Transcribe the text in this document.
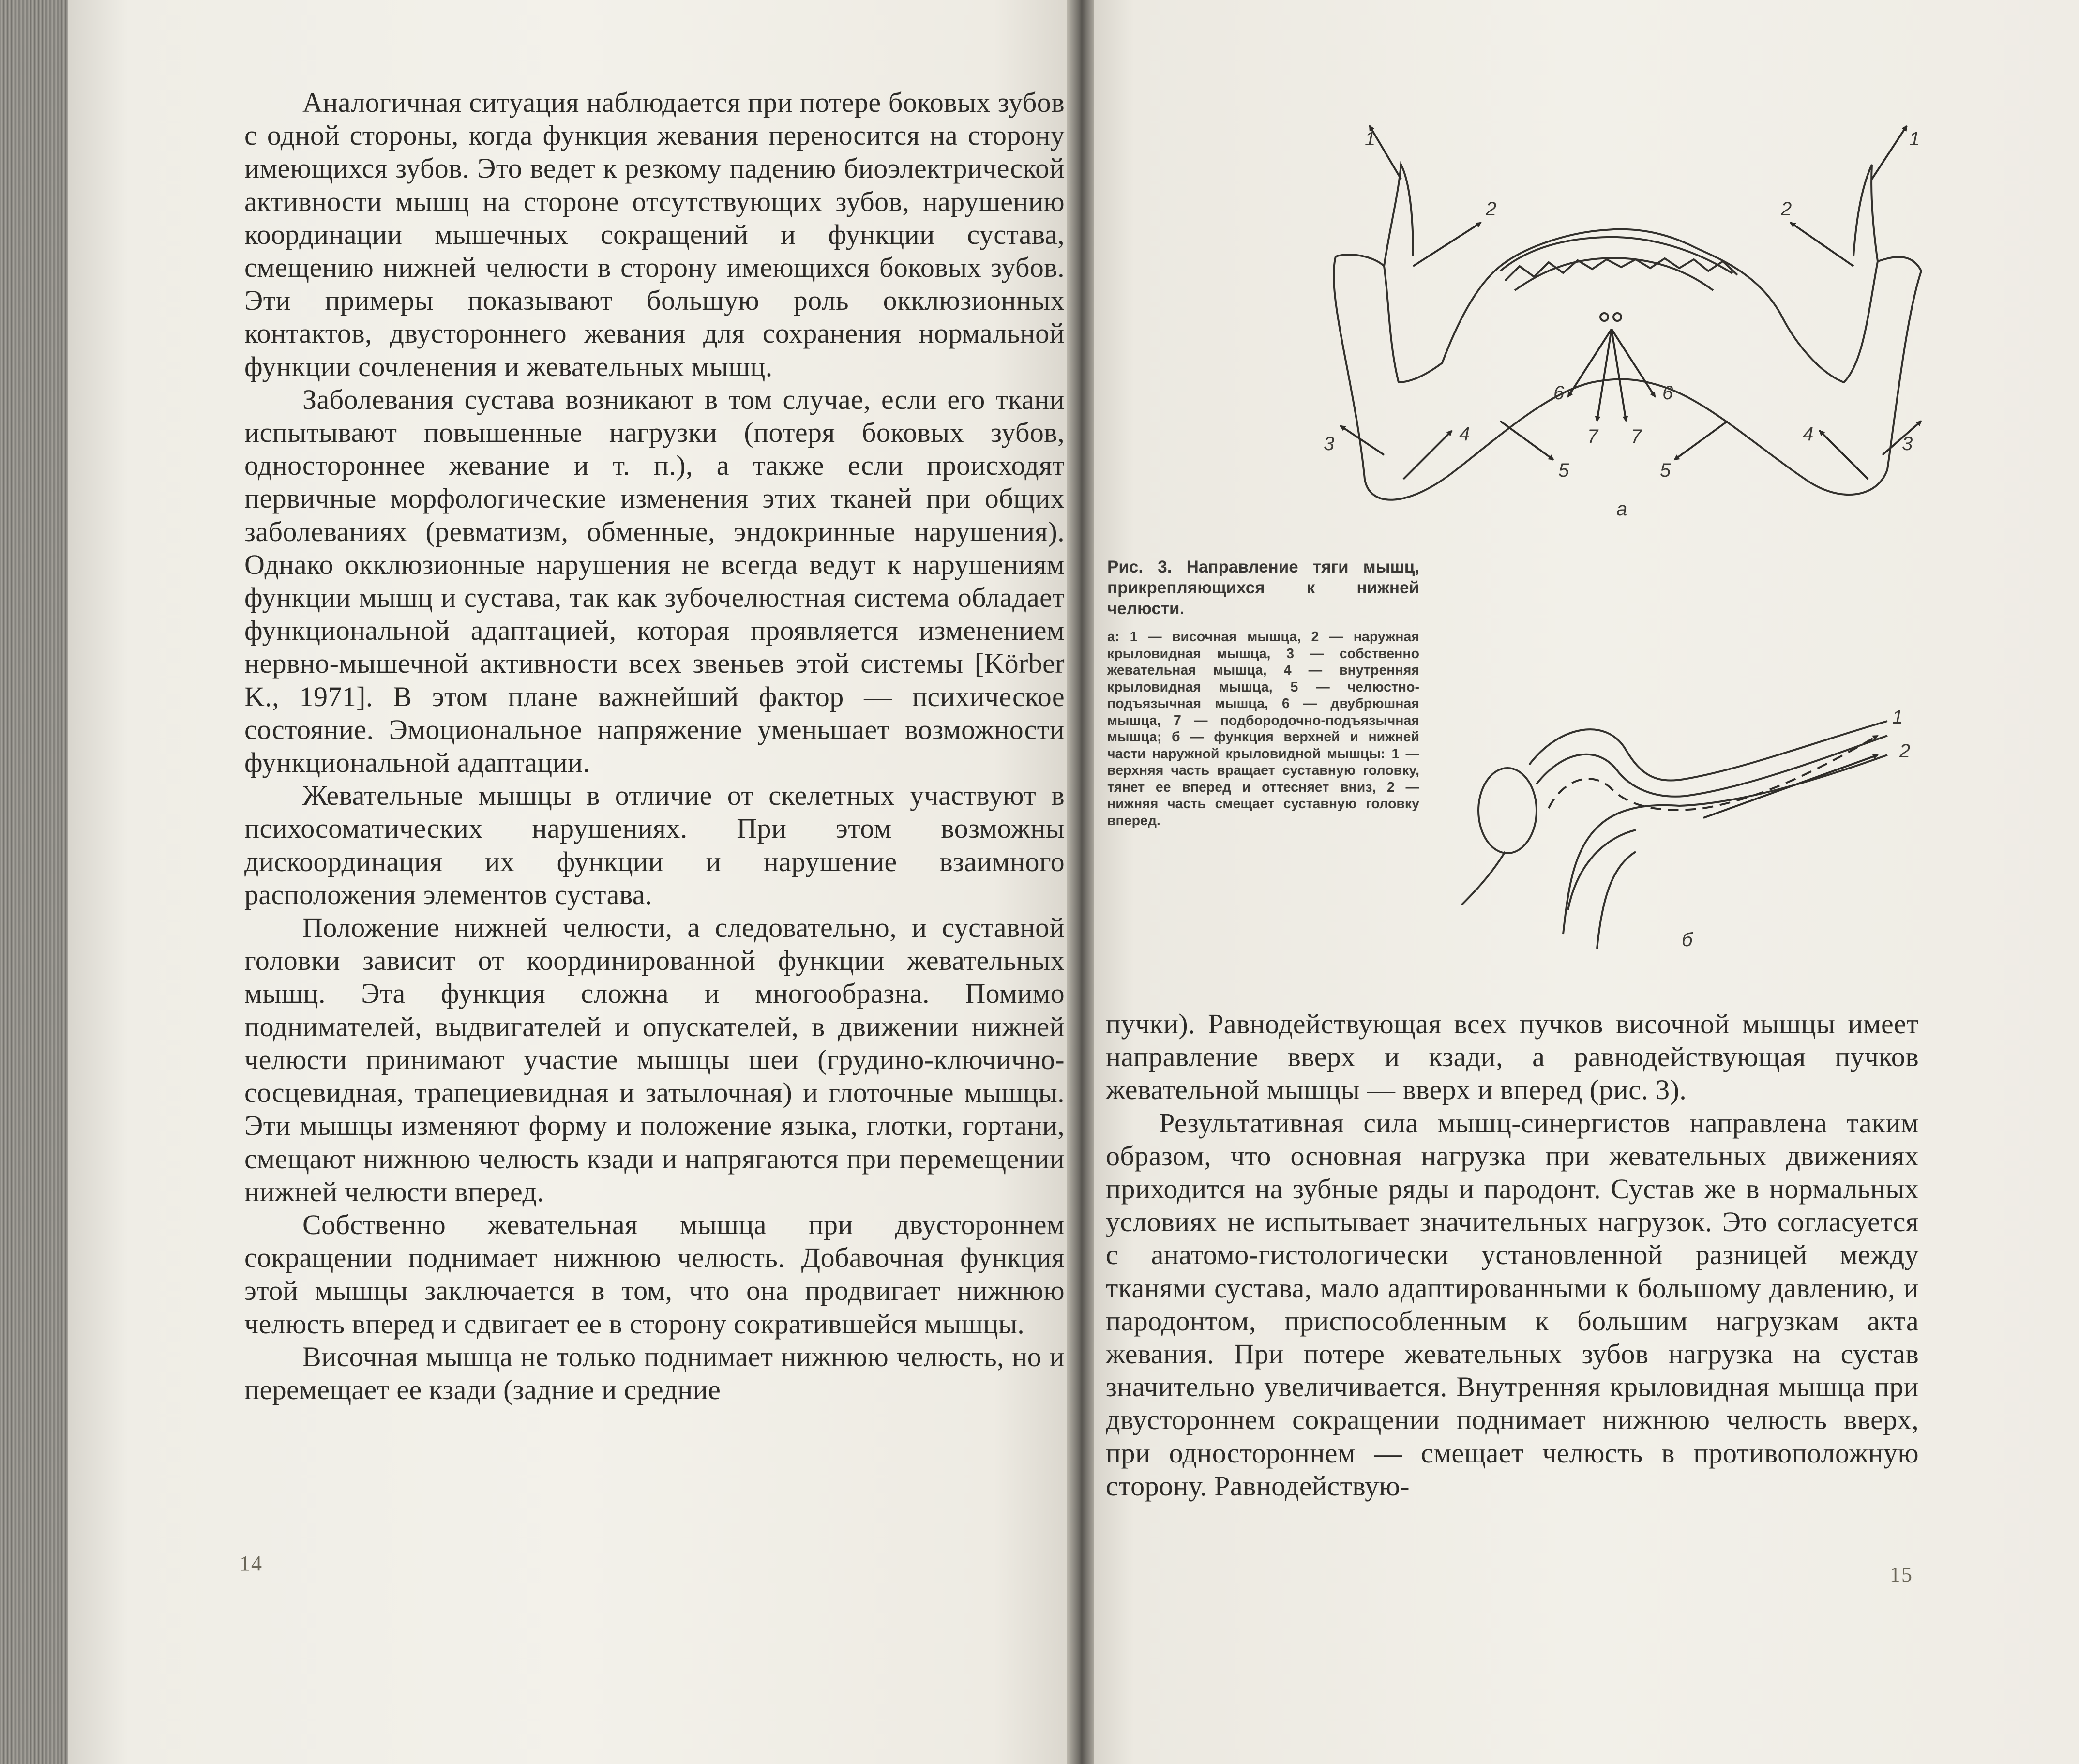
Аналогичная ситуация наблюдается при потере боковых зубов с одной стороны, когда функция жевания переносится на сторону имеющихся зубов. Это ведет к резкому падению биоэлектрической активности мышц на стороне отсутствующих зубов, нарушению координации мышечных сокращений и функции сустава, смещению нижней челюсти в сторону имеющихся боковых зубов. Эти примеры показывают большую роль окклюзионных контактов, двустороннего жевания для сохранения нормальной функции сочленения и жевательных мышц.

Заболевания сустава возникают в том случае, если его ткани испытывают повышенные нагрузки (потеря боковых зубов, одностороннее жевание и т. п.), а также если происходят первичные морфологические изменения этих тканей при общих заболеваниях (ревматизм, обменные, эндокринные нарушения). Однако окклюзионные нарушения не всегда ведут к нарушениям функции мышц и сустава, так как зубочелюстная система обладает функциональной адаптацией, которая проявляется изменением нервно-мышечной активности всех звеньев этой системы [Körber K., 1971]. В этом плане важнейший фактор — психическое состояние. Эмоциональное напряжение уменьшает возможности функциональной адаптации.

Жевательные мышцы в отличие от скелетных участвуют в психосоматических нарушениях. При этом возможны дискоординация их функции и нарушение взаимного расположения элементов сустава.

Положение нижней челюсти, а следовательно, и суставной головки зависит от координированной функции жевательных мышц. Эта функция сложна и многообразна. Помимо поднимателей, выдвигателей и опускателей, в движении нижней челюсти принимают участие мышцы шеи (грудино-ключично-сосцевидная, трапециевидная и затылочная) и глоточные мышцы. Эти мышцы изменяют форму и положение языка, глотки, гортани, смещают нижнюю челюсть кзади и напрягаются при перемещении нижней челюсти вперед.

Собственно жевательная мышца при двустороннем сокращении поднимает нижнюю челюсть. Добавочная функция этой мышцы заключается в том, что она продвигает нижнюю челюсть вперед и сдвигает ее в сторону сократившейся мышцы.

Височная мышца не только поднимает нижнюю челюсть, но и перемещает ее кзади (задние и средние

14
1	1
2	2
3	3
4	4
5	5
6	6
7 7
а

Рис. 3. Направление тяги мышц, прикрепляющихся к нижней челюсти.

а: 1 — височная мышца, 2 — наружная крыловидная мышца, 3 — собственно жевательная мышца, 4 — внутренняя крыловидная мышца, 5 — челюстно-подъязычная мышца, 6 — двубрюшная мышца, 7 — подбородочно-подъязычная мышца; б — функция верхней и нижней части наружной крыловидной мышцы: 1 — верхняя часть вращает суставную головку, тянет ее вперед и оттесняет вниз, 2 — нижняя часть смещает суставную головку вперед.

1
2
б

пучки). Равнодействующая всех пучков височной мышцы имеет направление вверх и кзади, а равнодействующая пучков жевательной мышцы — вверх и вперед (рис. 3).

Результативная сила мышц-синергистов направлена таким образом, что основная нагрузка при жевательных движениях приходится на зубные ряды и пародонт. Сустав же в нормальных условиях не испытывает значительных нагрузок. Это согласуется с анатомо-гистологически установленной разницей между тканями сустава, мало адаптированными к большому давлению, и пародонтом, приспособленным к большим нагрузкам акта жевания. При потере жевательных зубов нагрузка на сустав значительно увеличивается. Внутренняя крыловидная мышца при двустороннем сокращении поднимает нижнюю челюсть вверх, при одностороннем — смещает челюсть в противоположную сторону. Равнодействую-

15
